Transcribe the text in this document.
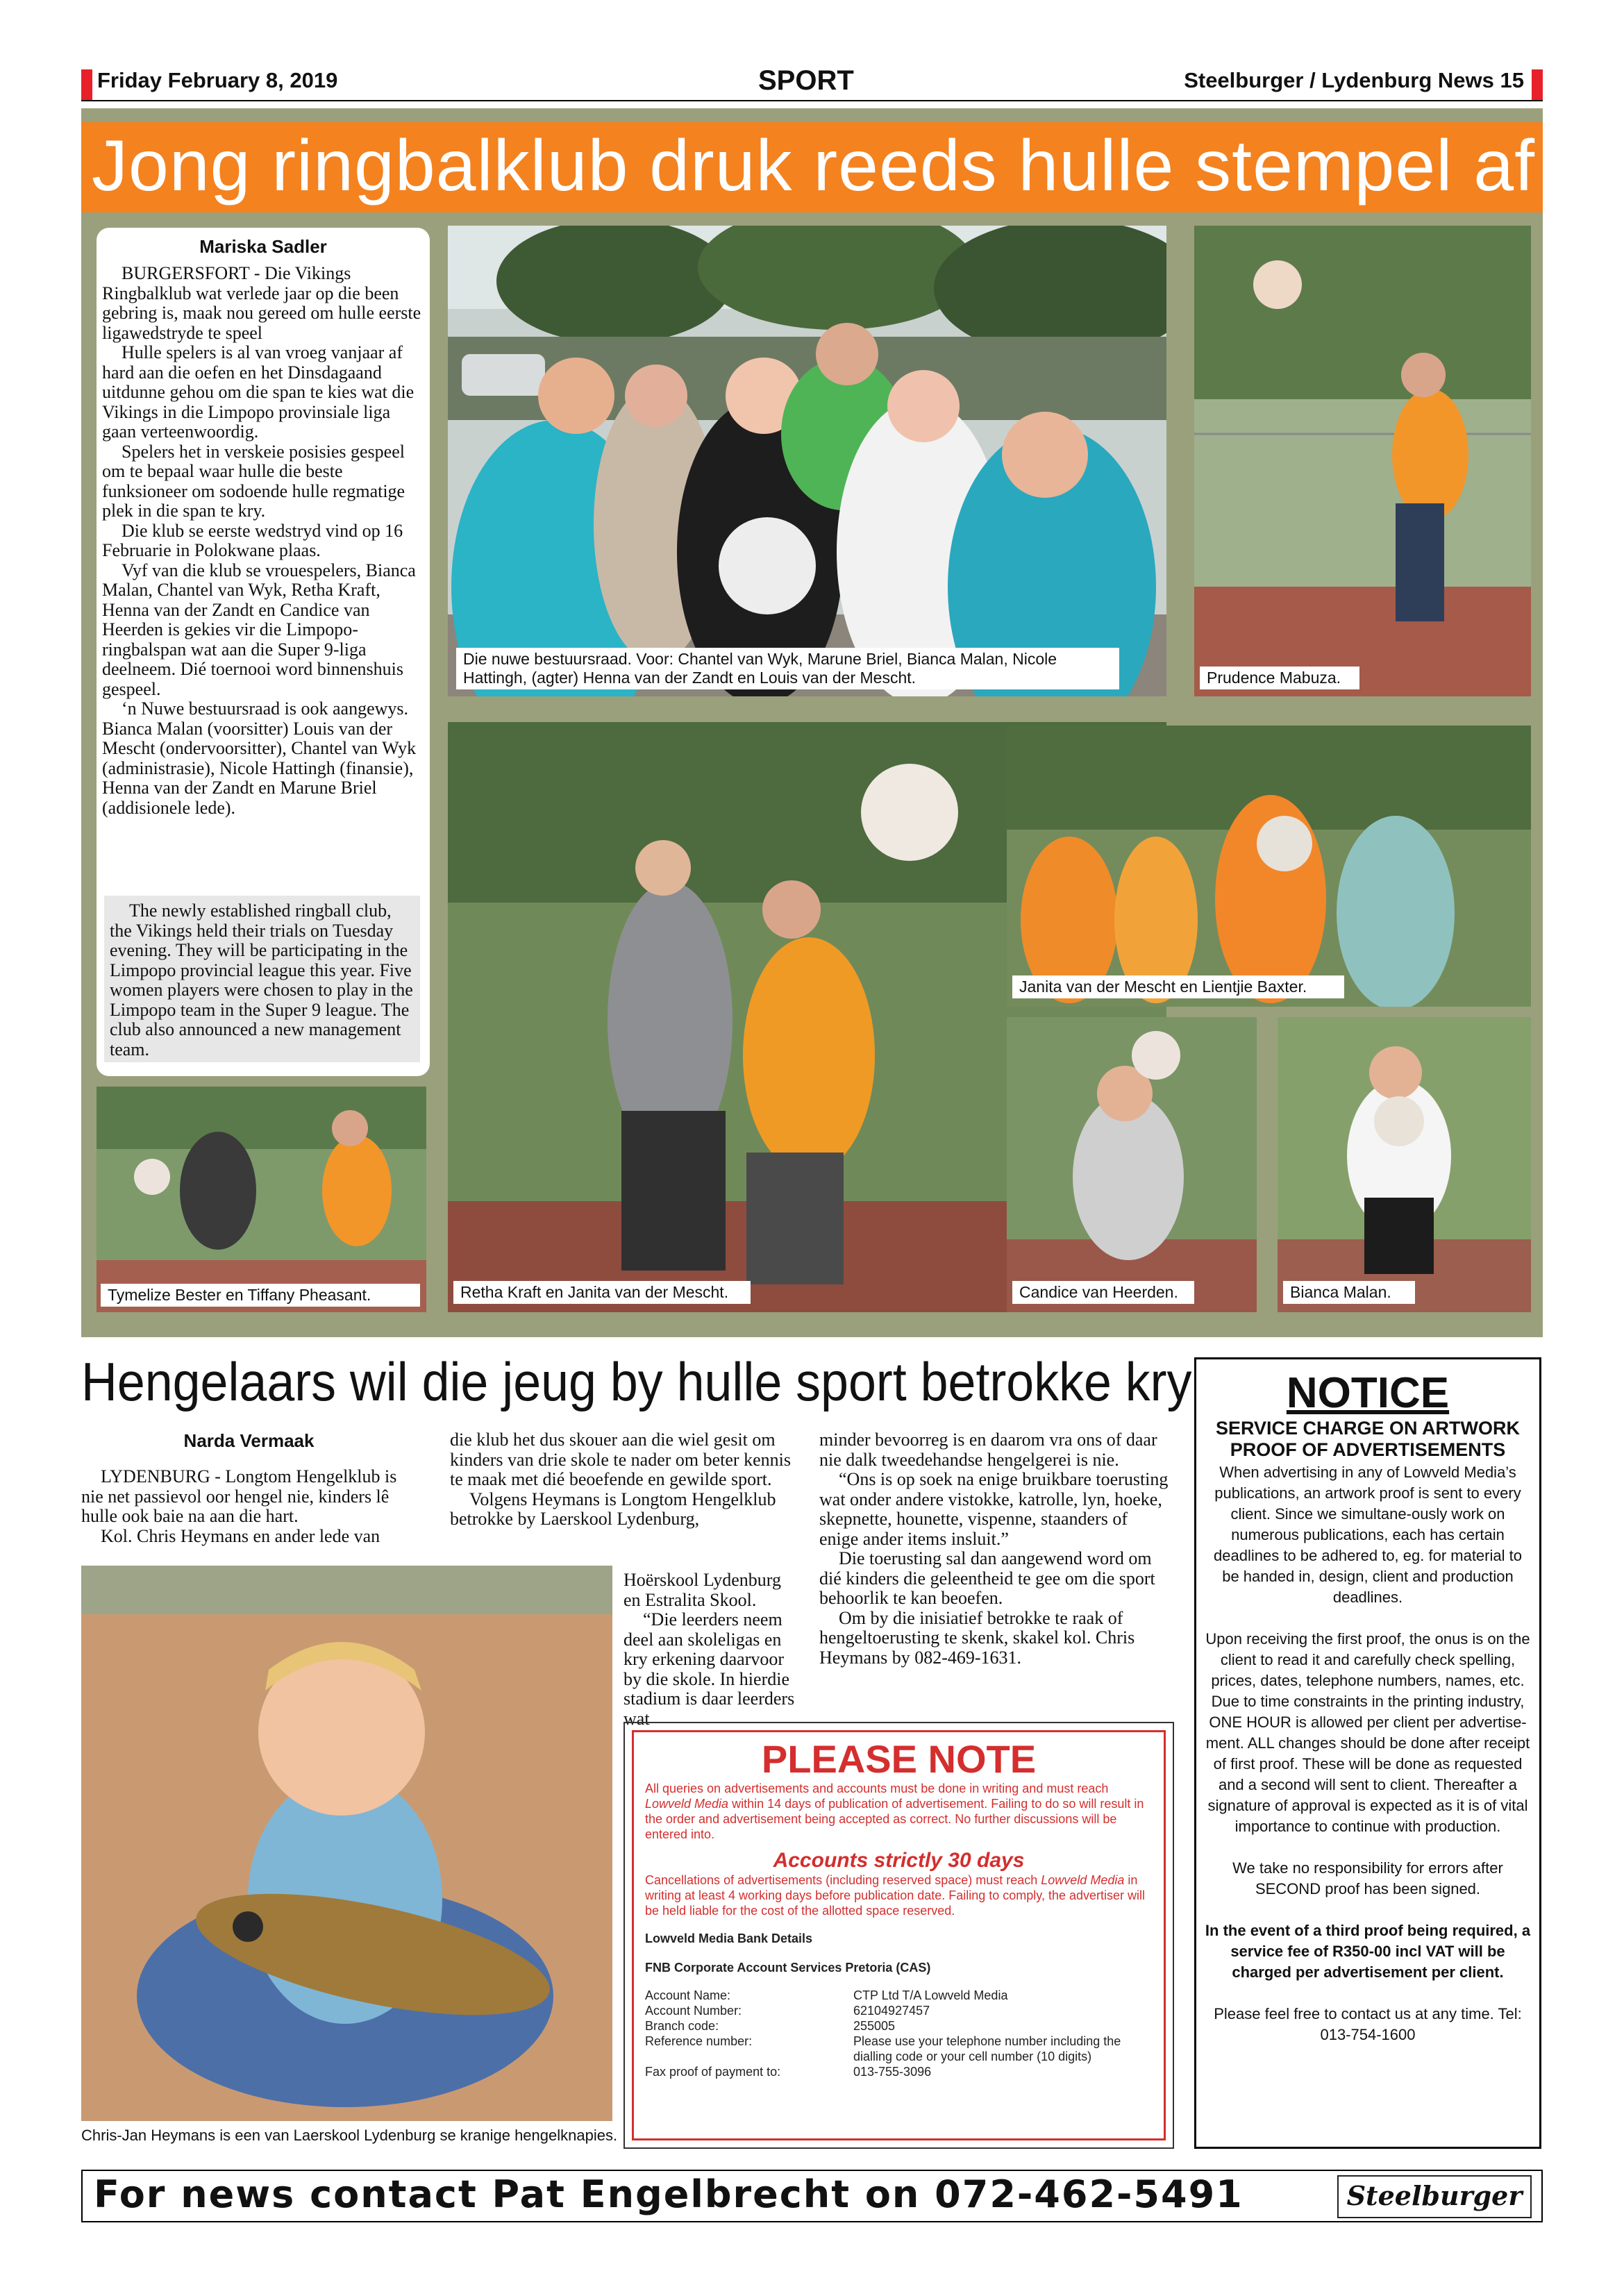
Friday February 8, 2019	SPORT	Steelburger / Lydenburg News 15
Jong ringbalklub druk reeds hulle stempel af
Mariska Sadler

BURGERSFORT - Die Vikings Ringbalklub wat verlede jaar op die been gebring is, maak nou gereed om hulle eerste ligawedstryde te speel

Hulle spelers is al van vroeg vanjaar af hard aan die oefen en het Dinsdagaand uitdunne gehou om die span te kies wat die Vikings in die Limpopo provinsiale liga gaan verteenwoordig.

Spelers het in verskeie posisies gespeel om te bepaal waar hulle die beste funksioneer om sodoende hulle regmatige plek in die span te kry.

Die klub se eerste wedstryd vind op 16 Februarie in Polokwane plaas.

Vyf van die klub se vrouespelers, Bianca Malan, Chantel van Wyk, Retha Kraft, Henna van der Zandt en Candice van Heerden is gekies vir die Limpopo-ringbalspan wat aan die Super 9-liga deelneem. Dié toernooi word binnenshuis gespeel.

‘n Nuwe bestuursraad is ook aangewys. Bianca Malan (voorsitter) Louis van der Mescht (ondervoorsitter), Chantel van Wyk (administrasie), Nicole Hattingh (finansie), Henna van der Zandt en Marune Briel (addisionele lede).

The newly established ringball club, the Vikings held their trials on Tuesday evening. They will be participating in the Limpopo provincial league this year. Five women players were chosen to play in the Limpopo team in the Super 9 league. The club also announced a new management team.
Die nuwe bestuursraad. Voor: Chantel van Wyk, Marune Briel, Bianca Malan, Nicole Hattingh, (agter) Henna van der Zandt en Louis van der Mescht.	Prudence Mabuza.
Retha Kraft en Janita van der Mescht.
Janita van der Mescht en Lientjie Baxter.
Candice van Heerden.	Bianca Malan.
Tymelize Bester en Tiffany Pheasant.
Hengelaars wil die jeug by hulle sport betrokke kry
Narda Vermaak

LYDENBURG - Longtom Hengelklub is nie net passievol oor hengel nie, kinders lê hulle ook baie na aan die hart.

Kol. Chris Heymans en ander lede van

die klub het dus skouer aan die wiel gesit om kinders van drie skole te nader om beter kennis te maak met dié beoefende en gewilde sport.

Volgens Heymans is Longtom Hengelklub betrokke by Laerskool Lydenburg,

Hoërskool Lydenburg en Estralita Skool.

“Die leerders neem deel aan skoleligas en kry erkening daarvoor by die skole. In hierdie stadium is daar leerders wat

minder bevoorreg is en daarom vra ons of daar nie dalk tweedehandse hengelgerei is nie.

“Ons is op soek na enige bruikbare toerusting wat onder andere vistokke, katrolle, lyn, hoeke, skepnette, hounette, vispenne, staanders of enige ander items insluit.”

Die toerusting sal dan aangewend word om dié kinders die geleentheid te gee om die sport behoorlik te kan beoefen.

Om by die inisiatief betrokke te raak of hengeltoerusting te skenk, skakel kol. Chris Heymans by 082-469-1631.

Chris-Jan Heymans is een van Laerskool Lydenburg se kranige hengelknapies.
PLEASE NOTE
All queries on advertisements and accounts must be done in writing and must reach Lowveld Media within 14 days of publication of advertisement. Failing to do so will result in the order and advertisement being accepted as correct. No further discussions will be entered into.
Accounts strictly 30 days
Cancellations of advertisements (including reserved space) must reach Lowveld Media in writing at least 4 working days before publication date. Failing to comply, the advertiser will be held liable for the cost of the allotted space reserved.
Lowveld Media Bank Details
FNB Corporate Account Services Pretoria (CAS)
Account Name:	CTP Ltd T/A Lowveld Media
Account Number:	62104927457
Branch code:	255005
Reference number:	Please use your telephone number including the dialling code or your cell number (10 digits)
Fax proof of payment to:	013-755-3096
NOTICE
SERVICE CHARGE ON ARTWORK PROOF OF ADVERTISEMENTS
When advertising in any of Lowveld Media’s publications, an artwork proof is sent to every client. Since we simultane-ously work on numerous publications, each has certain deadlines to be adhered to, eg. for material to be handed in, design, client and production deadlines.
Upon receiving the first proof, the onus is on the client to read it and carefully check spelling, prices, dates, telephone numbers, names, etc. Due to time constraints in the printing industry, ONE HOUR is allowed per client per advertise-ment. ALL changes should be done after receipt of first proof. These will be done as requested and a second will sent to client. Thereafter a signature of approval is expected as it is of vital importance to continue with production.
We take no responsibility for errors after SECOND proof has been signed.
In the event of a third proof being required, a service fee of R350-00 incl VAT will be charged per advertisement per client.
Please feel free to contact us at any time. Tel: 013-754-1600
For news contact Pat Engelbrecht on 072-462-5491	Steelburger
